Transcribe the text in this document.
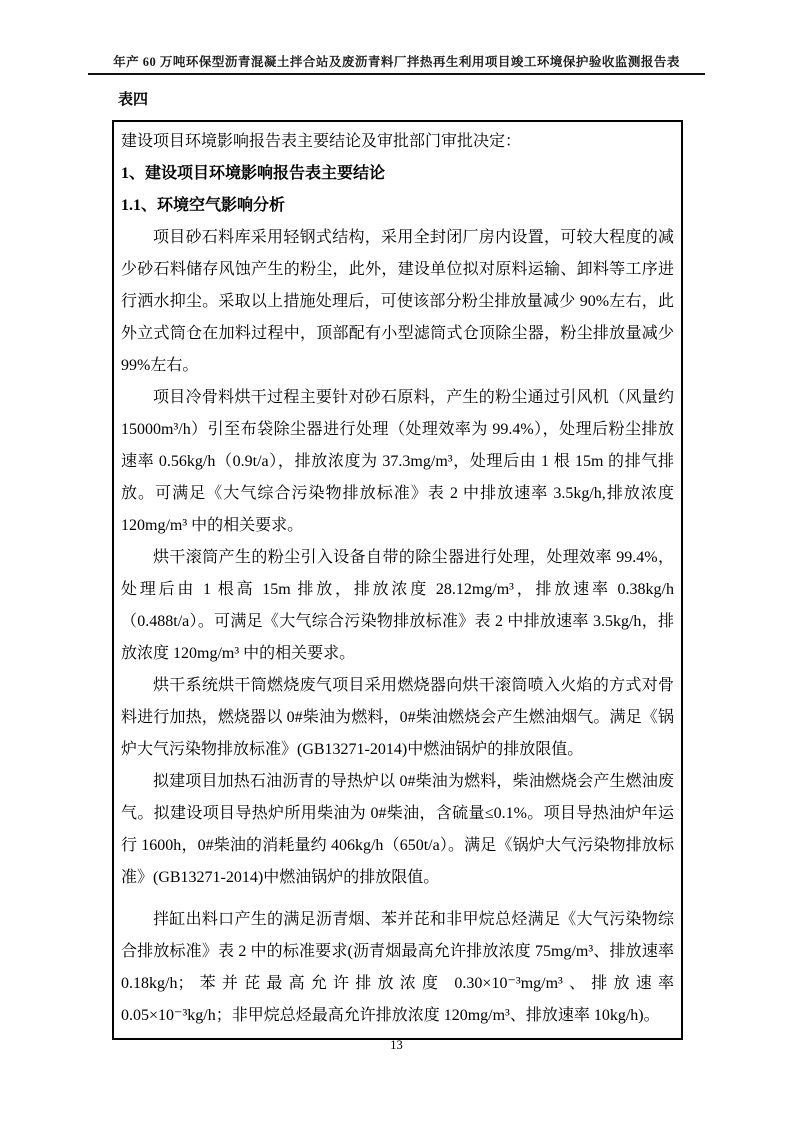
年产 60 万吨环保型沥青混凝土拌合站及废沥青料厂拌热再生利用项目竣工环境保护验收监测报告表
表四

建设项目环境影响报告表主要结论及审批部门审批决定：

1、建设项目环境影响报告表主要结论
1.1、环境空气影响分析

项目砂石料库采用轻钢式结构，采用全封闭厂房内设置，可较大程度的减少砂石料储存风蚀产生的粉尘，此外，建设单位拟对原料运输、卸料等工序进行洒水抑尘。采取以上措施处理后，可使该部分粉尘排放量减少 90%左右，此外立式筒仓在加料过程中，顶部配有小型滤筒式仓顶除尘器，粉尘排放量减少 99%左右。

项目冷骨料烘干过程主要针对砂石原料，产生的粉尘通过引风机（风量约15000m³/h）引至布袋除尘器进行处理（处理效率为 99.4%），处理后粉尘排放速率 0.56kg/h（0.9t/a），排放浓度为 37.3mg/m³，处理后由 1 根 15m 的排气排放。可满足《大气综合污染物排放标准》表 2 中排放速率 3.5kg/h,排放浓度 120mg/m³ 中的相关要求。

烘干滚筒产生的粉尘引入设备自带的除尘器进行处理，处理效率 99.4%，处理后由 1 根高 15m 排放，排放浓度 28.12mg/m³，排放速率 0.38kg/h（0.488t/a）。可满足《大气综合污染物排放标准》表 2 中排放速率 3.5kg/h，排放浓度 120mg/m³ 中的相关要求。

烘干系统烘干筒燃烧废气项目采用燃烧器向烘干滚筒喷入火焰的方式对骨料进行加热，燃烧器以 0#柴油为燃料，0#柴油燃烧会产生燃油烟气。满足《锅炉大气污染物排放标准》(GB13271-2014)中燃油锅炉的排放限值。

拟建项目加热石油沥青的导热炉以 0#柴油为燃料，柴油燃烧会产生燃油废气。拟建设项目导热炉所用柴油为 0#柴油，含硫量≤0.1%。项目导热油炉年运行 1600h，0#柴油的消耗量约 406kg/h（650t/a）。满足《锅炉大气污染物排放标准》(GB13271-2014)中燃油锅炉的排放限值。

拌缸出料口产生的满足沥青烟、苯并芘和非甲烷总烃满足《大气污染物综合排放标准》表 2 中的标准要求(沥青烟最高允许排放浓度 75mg/m³、排放速率 0.18kg/h；苯并芘最高允许排放浓度 0.30×10⁻³mg/m³、排放速率 0.05×10⁻³kg/h；非甲烷总烃最高允许排放浓度 120mg/m³、排放速率 10kg/h)。

13
